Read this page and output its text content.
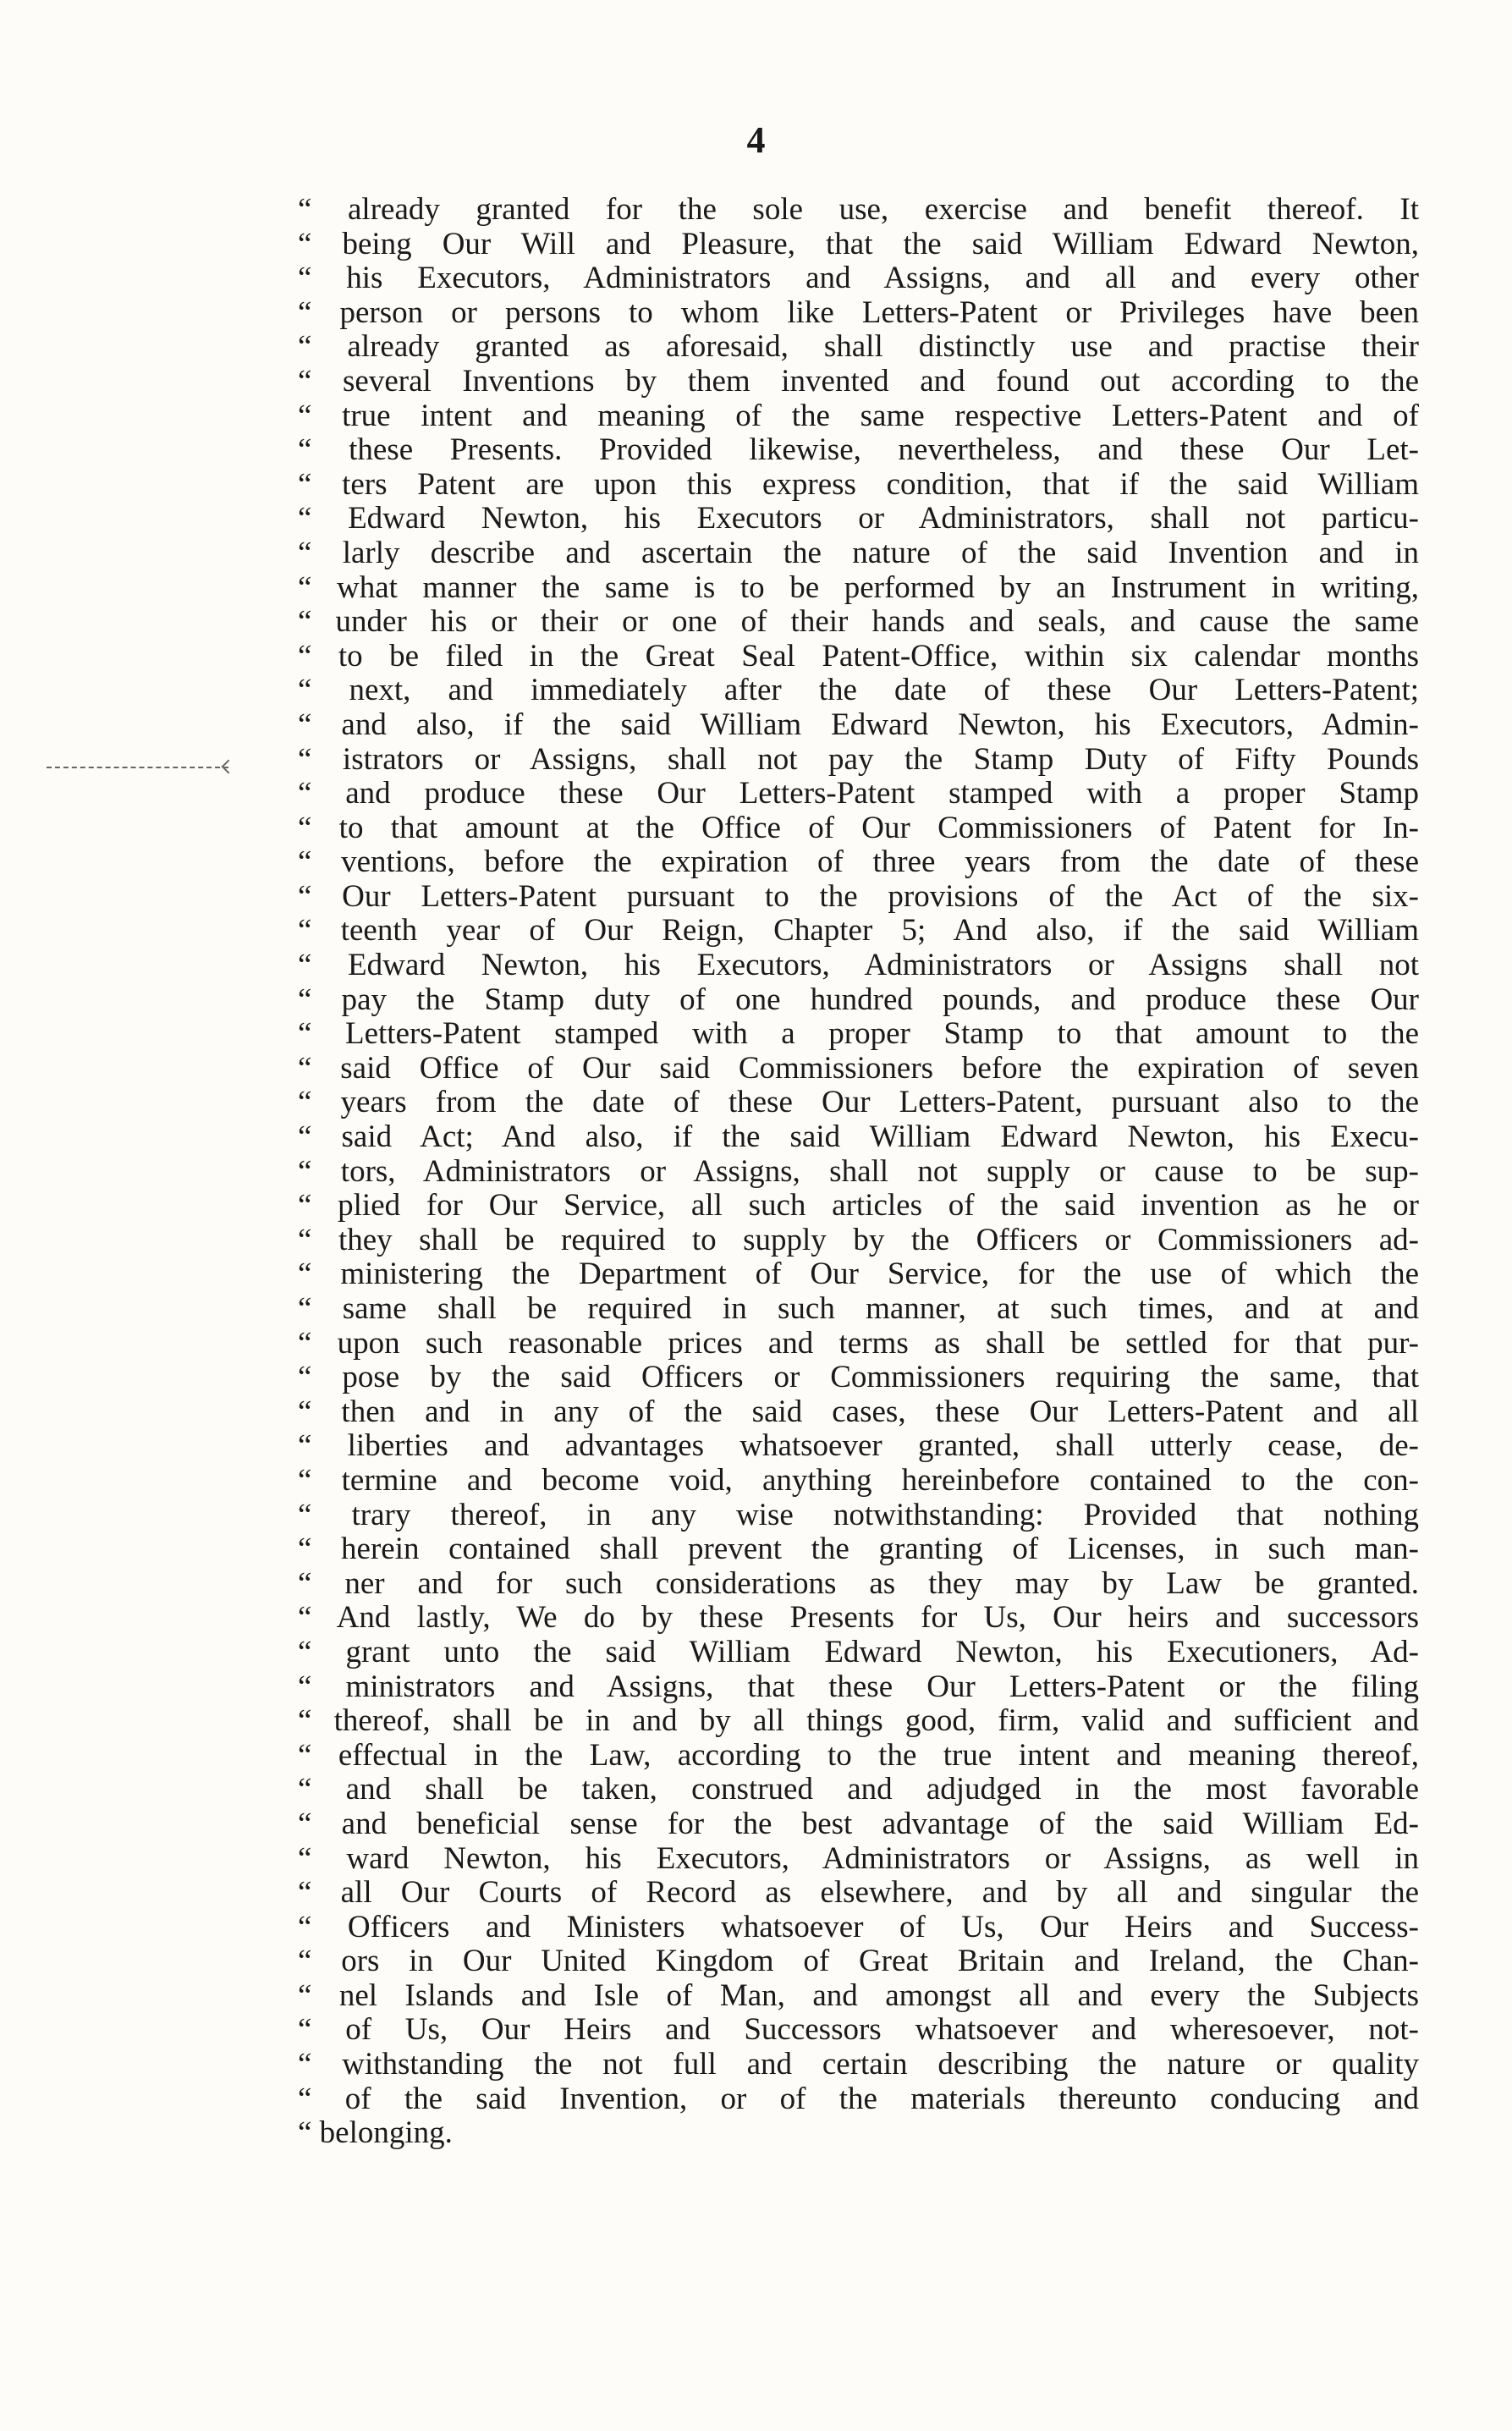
4
“ already granted for the sole use, exercise and benefit thereof. It
“ being Our Will and Pleasure, that the said William Edward Newton,
“ his Executors, Administrators and Assigns, and all and every other
“ person or persons to whom like Letters-Patent or Privileges have been
“ already granted as aforesaid, shall distinctly use and practise their
“ several Inventions by them invented and found out according to the
“ true intent and meaning of the same respective Letters-Patent and of
“ these Presents. Provided likewise, nevertheless, and these Our Let-
“ ters Patent are upon this express condition, that if the said William
“ Edward Newton, his Executors or Administrators, shall not particu-
“ larly describe and ascertain the nature of the said Invention and in
“ what manner the same is to be performed by an Instrument in writing,
“ under his or their or one of their hands and seals, and cause the same
“ to be filed in the Great Seal Patent-Office, within six calendar months
“ next, and immediately after the date of these Our Letters-Patent;
“ and also, if the said William Edward Newton, his Executors, Admin-
“ istrators or Assigns, shall not pay the Stamp Duty of Fifty Pounds
“ and produce these Our Letters-Patent stamped with a proper Stamp
“ to that amount at the Office of Our Commissioners of Patent for In-
“ ventions, before the expiration of three years from the date of these
“ Our Letters-Patent pursuant to the provisions of the Act of the six-
“ teenth year of Our Reign, Chapter 5; And also, if the said William
“ Edward Newton, his Executors, Administrators or Assigns shall not
“ pay the Stamp duty of one hundred pounds, and produce these Our
“ Letters-Patent stamped with a proper Stamp to that amount to the
“ said Office of Our said Commissioners before the expiration of seven
“ years from the date of these Our Letters-Patent, pursuant also to the
“ said Act; And also, if the said William Edward Newton, his Execu-
“ tors, Administrators or Assigns, shall not supply or cause to be sup-
“ plied for Our Service, all such articles of the said invention as he or
“ they shall be required to supply by the Officers or Commissioners ad-
“ ministering the Department of Our Service, for the use of which the
“ same shall be required in such manner, at such times, and at and
“ upon such reasonable prices and terms as shall be settled for that pur-
“ pose by the said Officers or Commissioners requiring the same, that
“ then and in any of the said cases, these Our Letters-Patent and all
“ liberties and advantages whatsoever granted, shall utterly cease, de-
“ termine and become void, anything hereinbefore contained to the con-
“ trary thereof, in any wise notwithstanding: Provided that nothing
“ herein contained shall prevent the granting of Licenses, in such man-
“ ner and for such considerations as they may by Law be granted.
“ And lastly, We do by these Presents for Us, Our heirs and successors
“ grant unto the said William Edward Newton, his Executioners, Ad-
“ ministrators and Assigns, that these Our Letters-Patent or the filing
“ thereof, shall be in and by all things good, firm, valid and sufficient and
“ effectual in the Law, according to the true intent and meaning thereof,
“ and shall be taken, construed and adjudged in the most favorable
“ and beneficial sense for the best advantage of the said William Ed-
“ ward Newton, his Executors, Administrators or Assigns, as well in
“ all Our Courts of Record as elsewhere, and by all and singular the
“ Officers and Ministers whatsoever of Us, Our Heirs and Success-
“ ors in Our United Kingdom of Great Britain and Ireland, the Chan-
“ nel Islands and Isle of Man, and amongst all and every the Subjects
“ of Us, Our Heirs and Successors whatsoever and wheresoever, not-
“ withstanding the not full and certain describing the nature or quality
“ of the said Invention, or of the materials thereunto conducing and
“ belonging.
